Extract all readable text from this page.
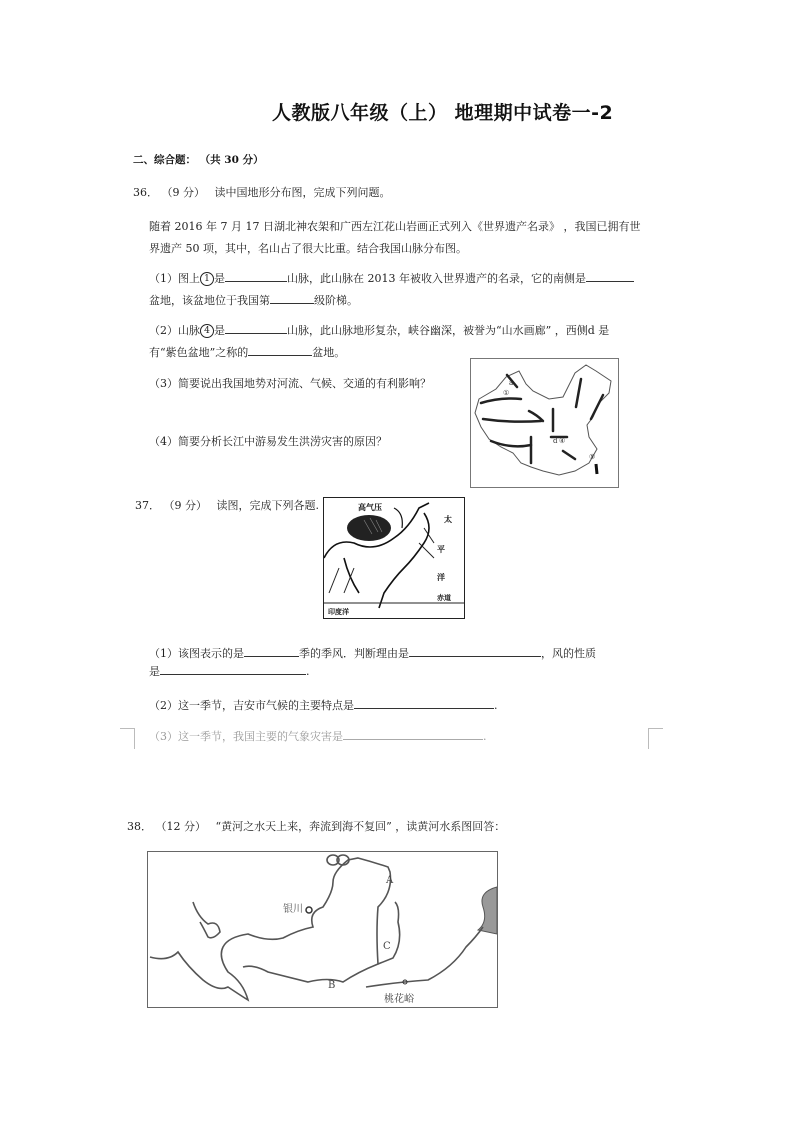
人教版八年级（上） 地理期中试卷一-2
二、综合题： （共 30 分）
36． （9 分） 读中国地形分布图，完成下列问题。
随着 2016 年 7 月 17 日湖北神农架和广西左江花山岩画正式列入《世界遗产名录》 ，我国已拥有世
界遗产 50 项，其中，名山占了很大比重。结合我国山脉分布图。
（1）图上 1 是	山脉，此山脉在 2013 年被收入世界遗产的名录，它的南侧是
盆地，该盆地位于我国第	级阶梯。
（2）山脉 4 是	山脉，此山脉地形复杂，峡谷幽深，被誉为“山水画廊” ，西侧d 是
有“紫色盆地”之称的	盆地。
（3）简要说出我国地势对河流、气候、交通的有利影响？
（4）简要分析长江中游易发生洪涝灾害的原因？
a
①
d ④
⑤
37． （9 分） 读图，完成下列各题.	高气压
太
平
洋
赤道
印度洋
（1）该图表示的是	季的季风．判断理由是	，风的性质
是	.
（2）这一季节，吉安市气候的主要特点是	.
（3）这一季节，我国主要的气象灾害是	.
38． （12 分） “黄河之水天上来，奔流到海不复回” ，读黄河水系图回答：
银川
A
B
C
桃花峪
